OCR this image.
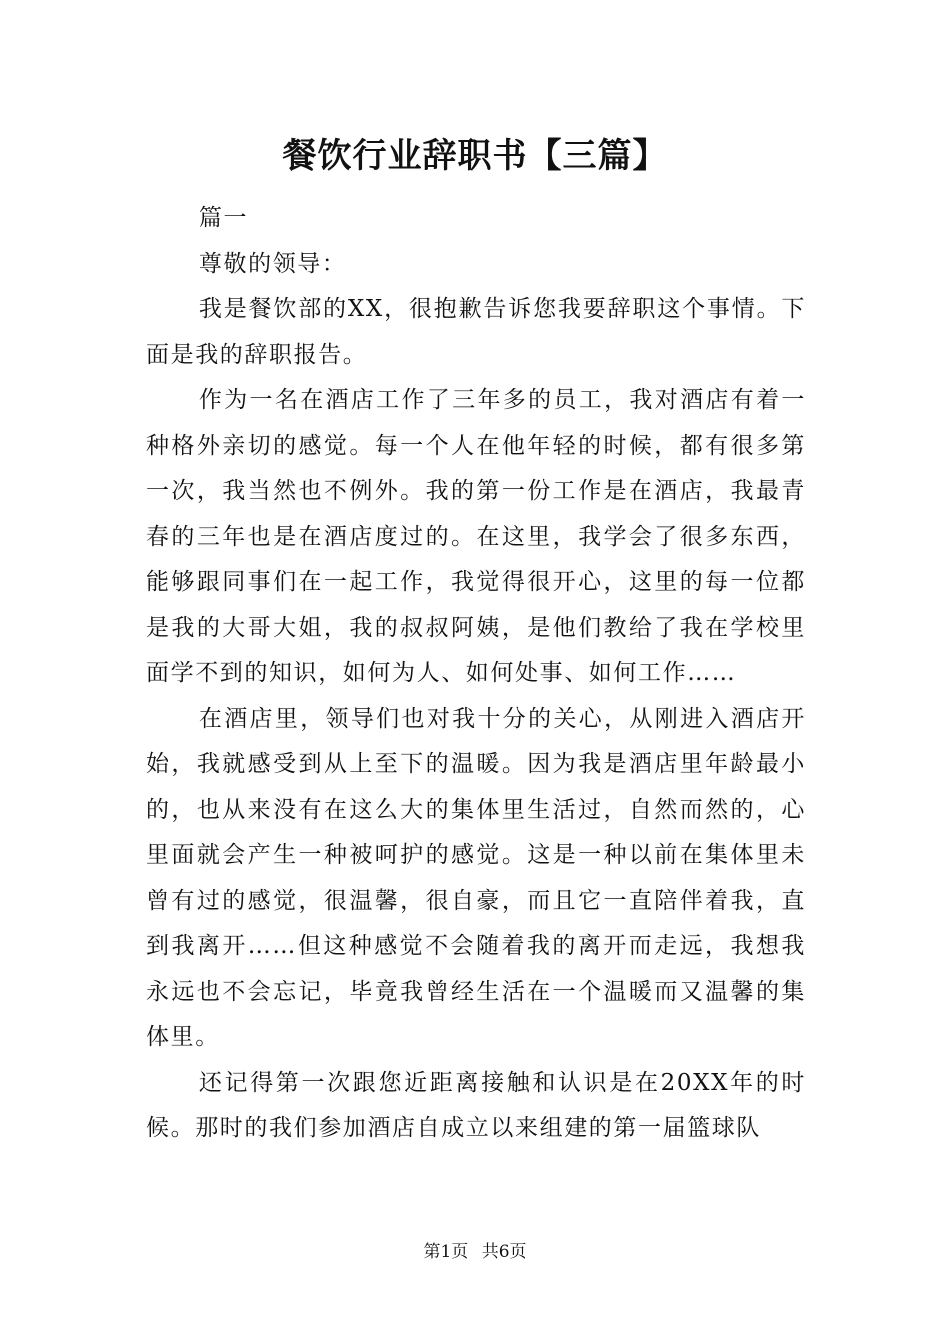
餐饮行业辞职书【三篇】

篇一

尊敬的领导：

我是餐饮部的XX，很抱歉告诉您我要辞职这个事情。下面是我的辞职报告。

作为一名在酒店工作了三年多的员工，我对酒店有着一种格外亲切的感觉。每一个人在他年轻的时候，都有很多第一次，我当然也不例外。我的第一份工作是在酒店，我最青春的三年也是在酒店度过的。在这里，我学会了很多东西，能够跟同事们在一起工作，我觉得很开心，这里的每一位都是我的大哥大姐，我的叔叔阿姨，是他们教给了我在学校里面学不到的知识，如何为人、如何处事、如何工作……

在酒店里，领导们也对我十分的关心，从刚进入酒店开始，我就感受到从上至下的温暖。因为我是酒店里年龄最小的，也从来没有在这么大的集体里生活过，自然而然的，心里面就会产生一种被呵护的感觉。这是一种以前在集体里未曾有过的感觉，很温馨，很自豪，而且它一直陪伴着我，直到我离开……但这种感觉不会随着我的离开而走远，我想我永远也不会忘记，毕竟我曾经生活在一个温暖而又温馨的集体里。

还记得第一次跟您近距离接触和认识是在20XX年的时候。那时的我们参加酒店自成立以来组建的第一届篮球队

第1页 共6页
